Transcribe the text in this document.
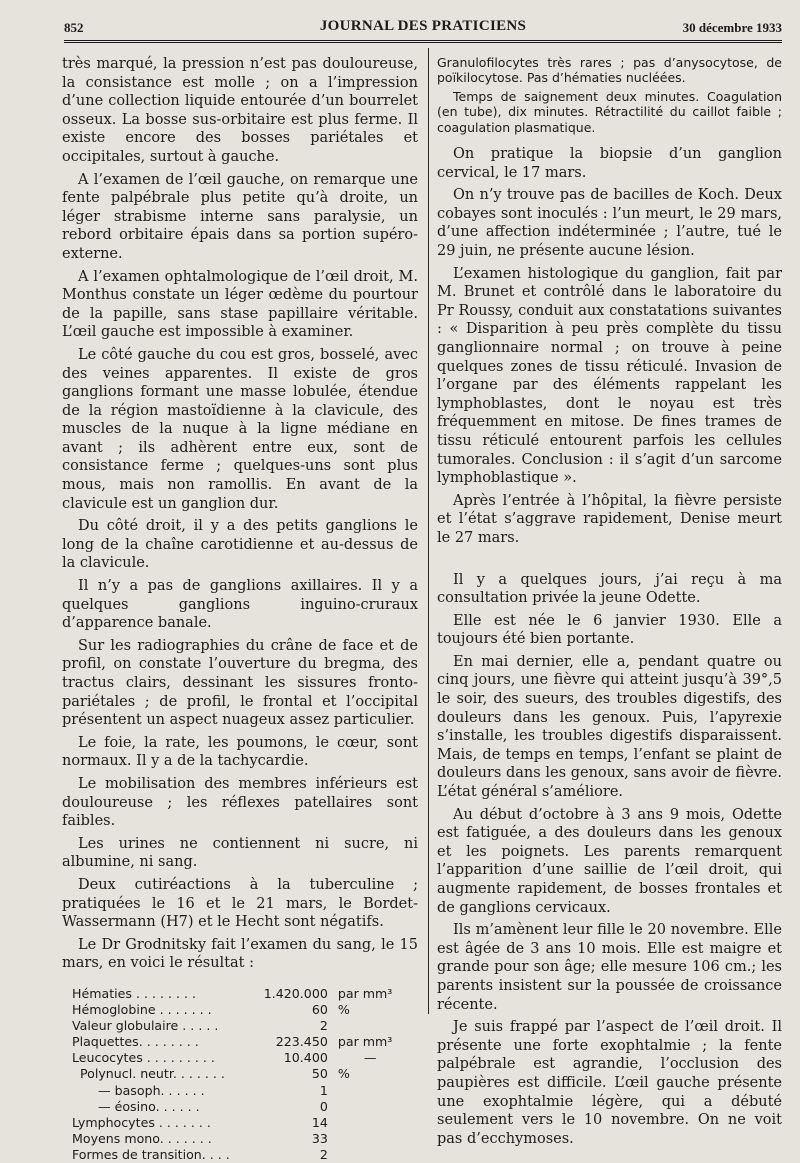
852	JOURNAL DES PRATICIENS	30 décembre 1933

très marqué, la pression n’est pas douloureuse, la consistance est molle ; on a l’impression d’une collection liquide entourée d’un bourrelet osseux. La bosse sus-orbitaire est plus ferme. Il existe encore des bosses pariétales et occipitales, surtout à gauche.

A l’examen de l’œil gauche, on remarque une fente palpébrale plus petite qu’à droite, un léger strabisme interne sans paralysie, un rebord orbitaire épais dans sa portion supéro-externe.

A l’examen ophtalmologique de l’œil droit, M. Monthus constate un léger œdème du pourtour de la papille, sans stase papillaire véritable. L’œil gauche est impossible à examiner.

Le côté gauche du cou est gros, bosselé, avec des veines apparentes. Il existe de gros ganglions formant une masse lobulée, étendue de la région mastoïdienne à la clavicule, des muscles de la nuque à la ligne médiane en avant ; ils adhèrent entre eux, sont de consistance ferme ; quelques-uns sont plus mous, mais non ramollis. En avant de la clavicule est un ganglion dur.

Du côté droit, il y a des petits ganglions le long de la chaîne carotidienne et au-dessus de la clavicule.

Il n’y a pas de ganglions axillaires. Il y a quelques ganglions inguino-cruraux d’apparence banale.

Sur les radiographies du crâne de face et de profil, on constate l’ouverture du bregma, des tractus clairs, dessinant les sissures fronto-pariétales ; de profil, le frontal et l’occipital présentent un aspect nuageux assez particulier.

Le foie, la rate, les poumons, le cœur, sont normaux. Il y a de la tachycardie.

Le mobilisation des membres inférieurs est douloureuse ; les réflexes patellaires sont faibles.

Les urines ne contiennent ni sucre, ni albumine, ni sang.

Deux cutiréactions à la tuberculine ; pratiquées le 16 et le 21 mars, le Bordet-Wassermann (H7) et le Hecht sont négatifs.

Le Dr Grodnitsky fait l’examen du sang, le 15 mars, en voici le résultat :

Hématies . . . . . . . .	1.420.000	par mm³
Hémoglobine . . . . . . .	60	%
Valeur globulaire . . . . .	2	
Plaquettes. . . . . . . .	223.450	par mm³
Leucocytes . . . . . . . . .	10.400	—
Polynucl. neutr. . . . . . .	50	%
— basoph. . . . . .	1	
— éosino. . . . . .	0	
Lymphocytes . . . . . . .	14	
Moyens mono. . . . . . .	33	
Formes de transition. . . .	2	

Granulofilocytes très rares ; pas d’anysocytose, de poïkilocytose. Pas d’hématies nucléées.

Temps de saignement deux minutes. Coagulation (en tube), dix minutes. Rétractilité du caillot faible ; coagulation plasmatique.

On pratique la biopsie d’un ganglion cervical, le 17 mars.

On n’y trouve pas de bacilles de Koch. Deux cobayes sont inoculés : l’un meurt, le 29 mars, d’une affection indéterminée ; l’autre, tué le 29 juin, ne présente aucune lésion.

L’examen histologique du ganglion, fait par M. Brunet et contrôlé dans le laboratoire du Pr Roussy, conduit aux constatations suivantes : « Disparition à peu près complète du tissu ganglionnaire normal ; on trouve à peine quelques zones de tissu réticulé. Invasion de l’organe par des éléments rappelant les lymphoblastes, dont le noyau est très fréquemment en mitose. De fines trames de tissu réticulé entourent parfois les cellules tumorales. Conclusion : il s’agit d’un sarcome lymphoblastique ».

Après l’entrée à l’hôpital, la fièvre persiste et l’état s’aggrave rapidement, Denise meurt le 27 mars.

Il y a quelques jours, j’ai reçu à ma consultation privée la jeune Odette.

Elle est née le 6 janvier 1930. Elle a toujours été bien portante.

En mai dernier, elle a, pendant quatre ou cinq jours, une fièvre qui atteint jusqu’à 39°,5 le soir, des sueurs, des troubles digestifs, des douleurs dans les genoux. Puis, l’apyrexie s’installe, les troubles digestifs disparaissent. Mais, de temps en temps, l’enfant se plaint de douleurs dans les genoux, sans avoir de fièvre. L’état général s’améliore.

Au début d’octobre à 3 ans 9 mois, Odette est fatiguée, a des douleurs dans les genoux et les poignets. Les parents remarquent l’apparition d’une saillie de l’œil droit, qui augmente rapidement, de bosses frontales et de ganglions cervicaux.

Ils m’amènent leur fille le 20 novembre. Elle est âgée de 3 ans 10 mois. Elle est maigre et grande pour son âge; elle mesure 106 cm.; les parents insistent sur la poussée de croissance récente.

Je suis frappé par l’aspect de l’œil droit. Il présente une forte exophtalmie ; la fente palpébrale est agrandie, l’occlusion des paupières est difficile. L’œil gauche présente une exophtalmie légère, qui a débuté seulement vers le 10 novembre. On ne voit pas d’ecchymoses.
